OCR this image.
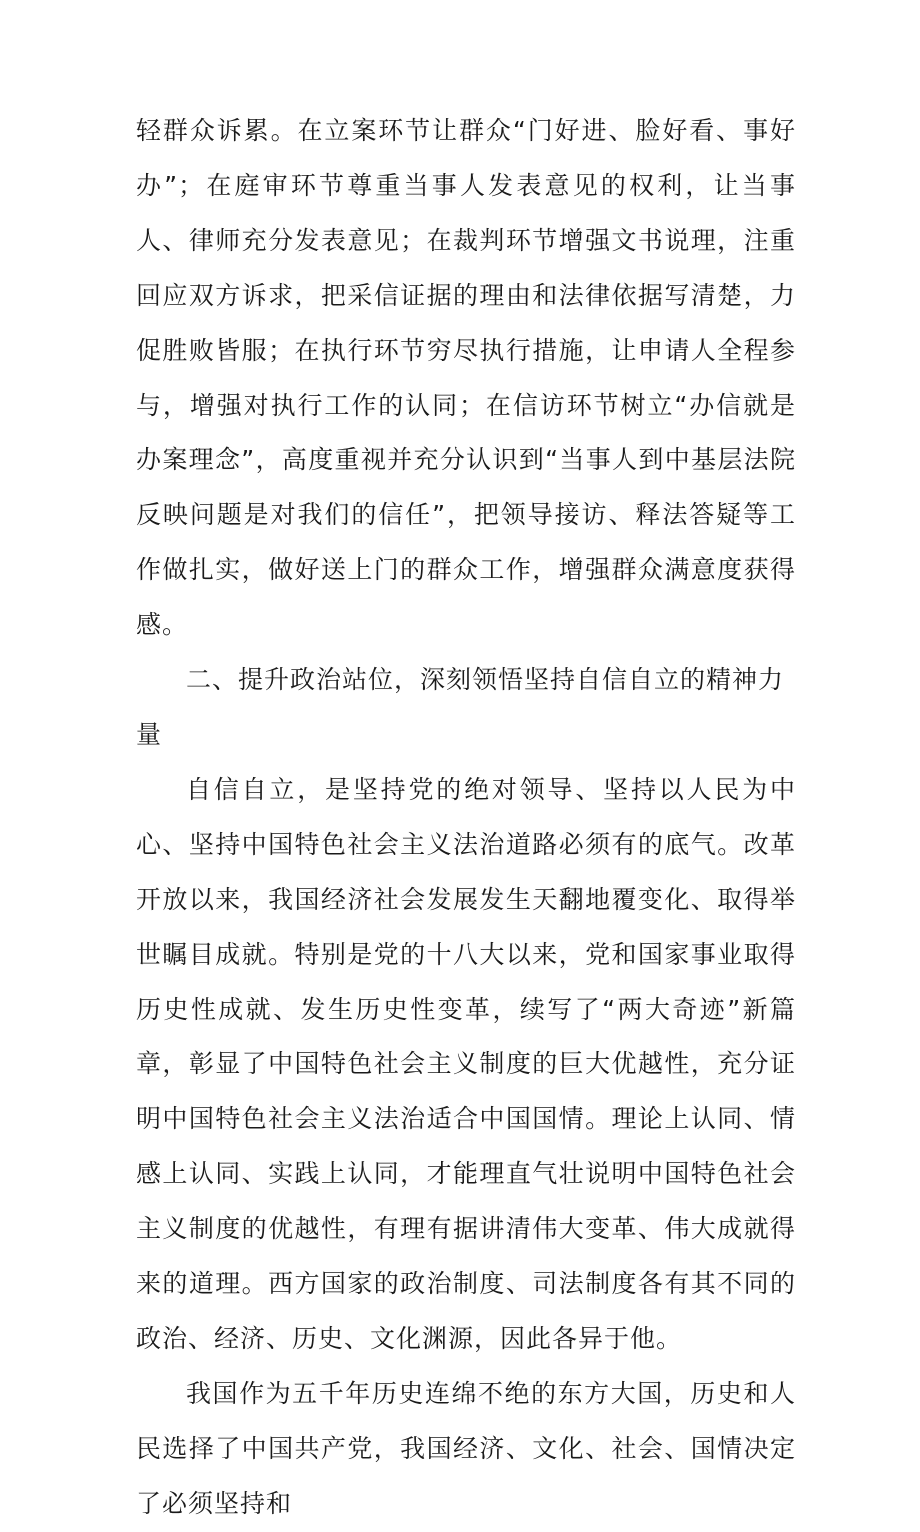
轻群众诉累。在立案环节让群众“门好进、脸好看、事好办”；在庭审环节尊重当事人发表意见的权利，让当事人、律师充分发表意见；在裁判环节增强文书说理，注重回应双方诉求，把采信证据的理由和法律依据写清楚，力促胜败皆服；在执行环节穷尽执行措施，让申请人全程参与，增强对执行工作的认同；在信访环节树立“办信就是办案理念”，高度重视并充分认识到“当事人到中基层法院反映问题是对我们的信任”，把领导接访、释法答疑等工作做扎实，做好送上门的群众工作，增强群众满意度获得感。

二、提升政治站位，深刻领悟坚持自信自立的精神力量

自信自立，是坚持党的绝对领导、坚持以人民为中心、坚持中国特色社会主义法治道路必须有的底气。改革开放以来，我国经济社会发展发生天翻地覆变化、取得举世瞩目成就。特别是党的十八大以来，党和国家事业取得历史性成就、发生历史性变革，续写了“两大奇迹”新篇章，彰显了中国特色社会主义制度的巨大优越性，充分证明中国特色社会主义法治适合中国国情。理论上认同、情感上认同、实践上认同，才能理直气壮说明中国特色社会主义制度的优越性，有理有据讲清伟大变革、伟大成就得来的道理。西方国家的政治制度、司法制度各有其不同的政治、经济、历史、文化渊源，因此各异于他。

我国作为五千年历史连绵不绝的东方大国，历史和人民选择了中国共产党，我国经济、文化、社会、国情决定了必须坚持和
